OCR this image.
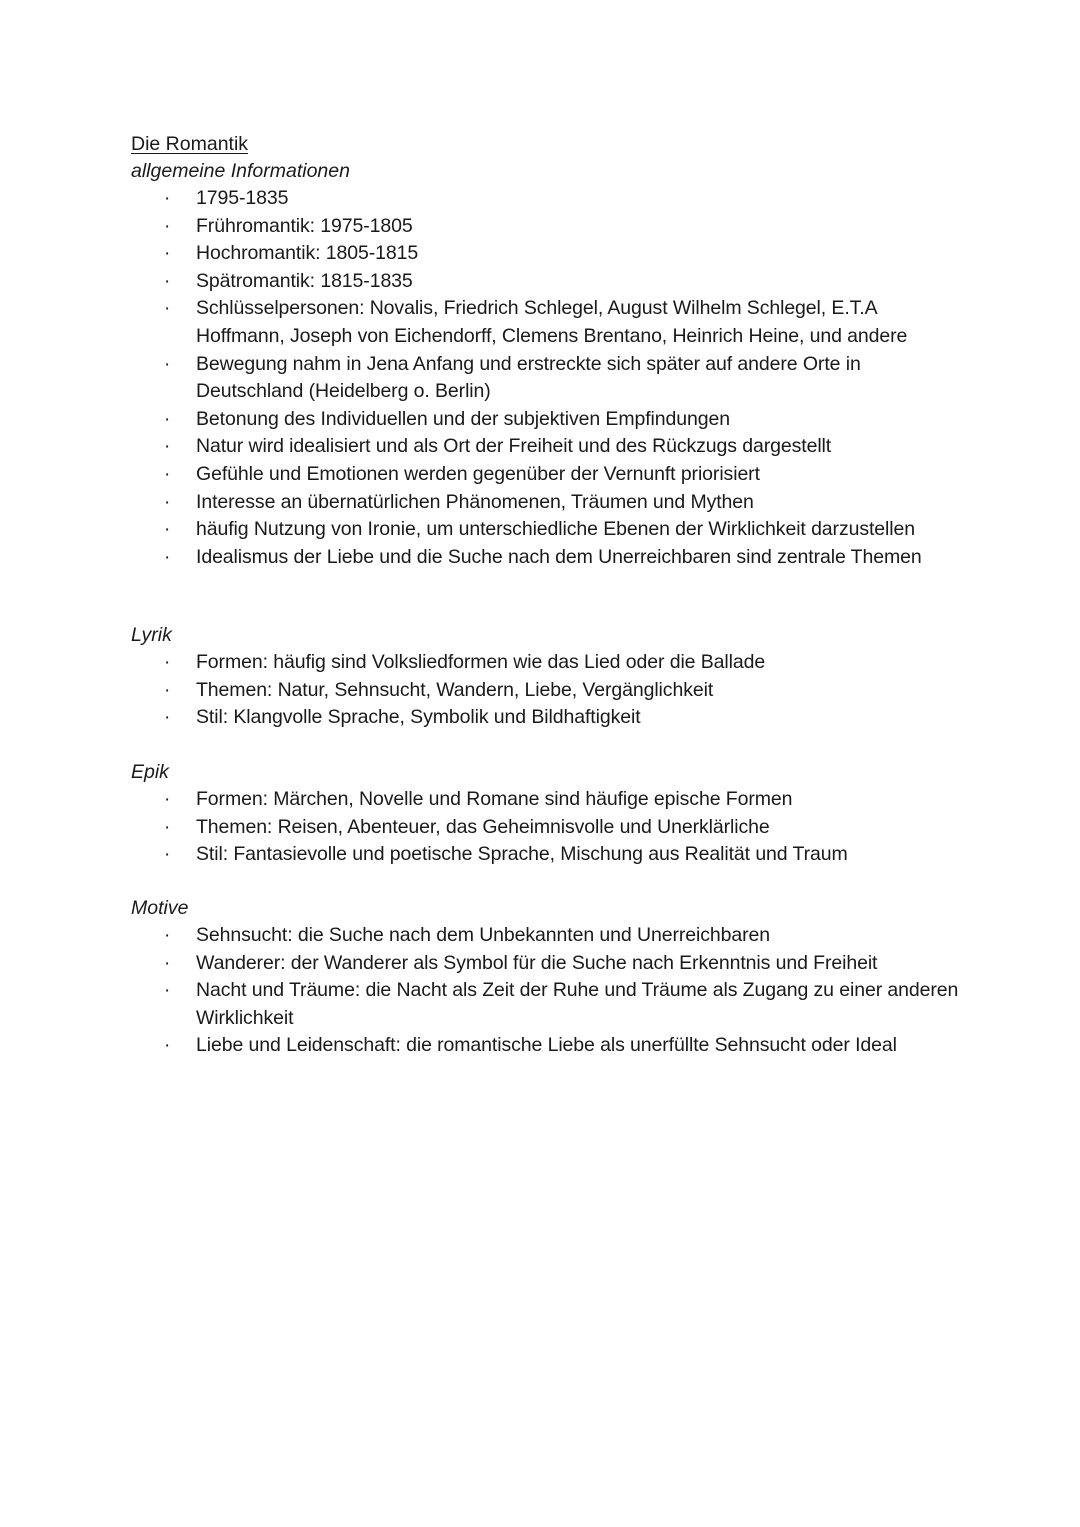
Die Romantik

allgemeine Informationen

· 1795-1835
· Frühromantik: 1975-1805
· Hochromantik: 1805-1815
· Spätromantik: 1815-1835
· Schlüsselpersonen: Novalis, Friedrich Schlegel, August Wilhelm Schlegel, E.T.A Hoffmann, Joseph von Eichendorff, Clemens Brentano, Heinrich Heine, und andere
· Bewegung nahm in Jena Anfang und erstreckte sich später auf andere Orte in Deutschland (Heidelberg o. Berlin)
· Betonung des Individuellen und der subjektiven Empfindungen
· Natur wird idealisiert und als Ort der Freiheit und des Rückzugs dargestellt
· Gefühle und Emotionen werden gegenüber der Vernunft priorisiert
· Interesse an übernatürlichen Phänomenen, Träumen und Mythen
· häufig Nutzung von Ironie, um unterschiedliche Ebenen der Wirklichkeit darzustellen
· Idealismus der Liebe und die Suche nach dem Unerreichbaren sind zentrale Themen

Lyrik

· Formen: häufig sind Volksliedformen wie das Lied oder die Ballade
· Themen: Natur, Sehnsucht, Wandern, Liebe, Vergänglichkeit
· Stil: Klangvolle Sprache, Symbolik und Bildhaftigkeit

Epik

· Formen: Märchen, Novelle und Romane sind häufige epische Formen
· Themen: Reisen, Abenteuer, das Geheimnisvolle und Unerklärliche
· Stil: Fantasievolle und poetische Sprache, Mischung aus Realität und Traum

Motive

· Sehnsucht: die Suche nach dem Unbekannten und Unerreichbaren
· Wanderer: der Wanderer als Symbol für die Suche nach Erkenntnis und Freiheit
· Nacht und Träume: die Nacht als Zeit der Ruhe und Träume als Zugang zu einer anderen Wirklichkeit
· Liebe und Leidenschaft: die romantische Liebe als unerfüllte Sehnsucht oder Ideal
